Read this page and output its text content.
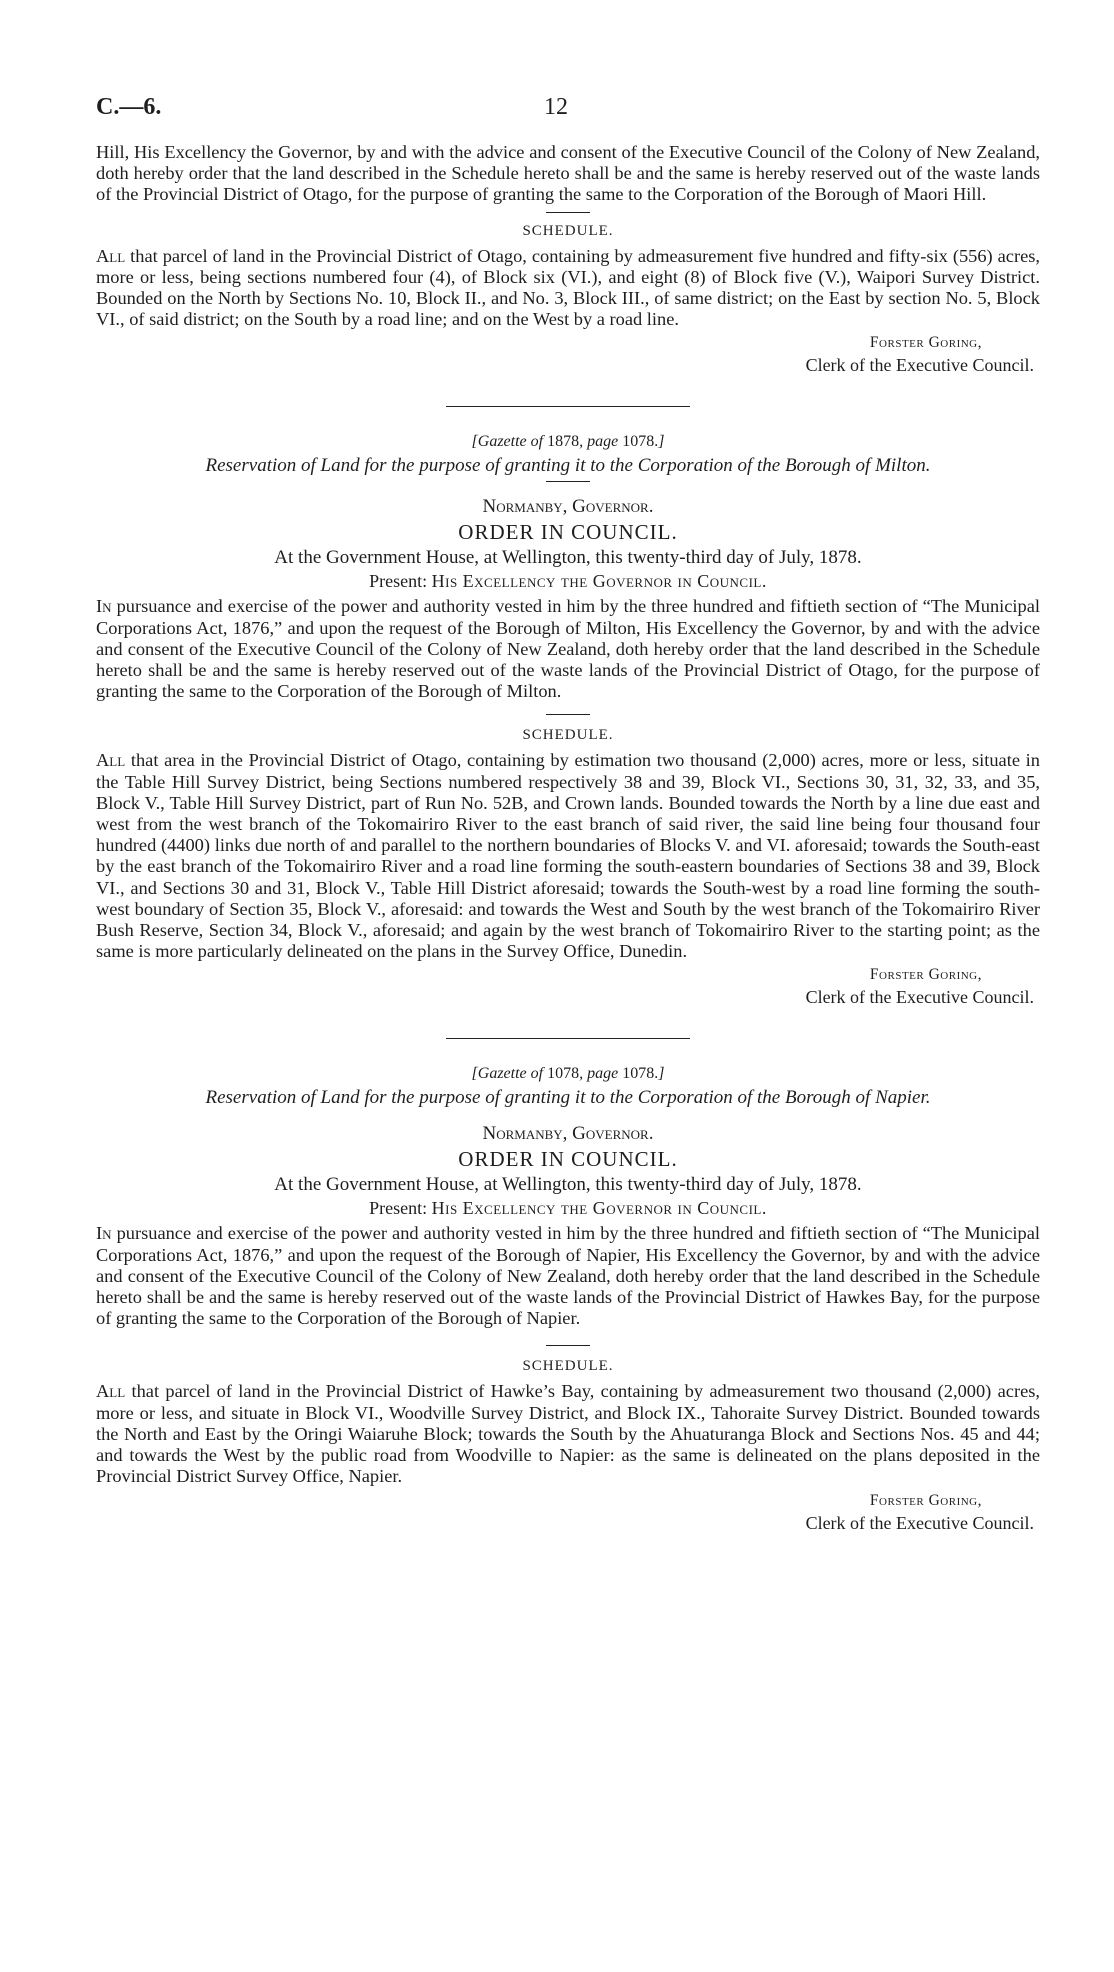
C.—6.	12

Hill, His Excellency the Governor, by and with the advice and consent of the Executive Council of the Colony of New Zealand, doth hereby order that the land described in the Schedule hereto shall be and the same is hereby reserved out of the waste lands of the Provincial District of Otago, for the purpose of granting the same to the Corporation of the Borough of Maori Hill.

SCHEDULE.

All that parcel of land in the Provincial District of Otago, containing by admeasurement five hundred and fifty-six (556) acres, more or less, being sections numbered four (4), of Block six (VI.), and eight (8) of Block five (V.), Waipori Survey District. Bounded on the North by Sections No. 10, Block II., and No. 3, Block III., of same district; on the East by section No. 5, Block VI., of said district; on the South by a road line; and on the West by a road line.

Forster Goring,
Clerk of the Executive Council.
[Gazette of 1878, page 1078.]
Reservation of Land for the purpose of granting it to the Corporation of the Borough of Milton.
Normanby, Governor.
ORDER IN COUNCIL.
At the Government House, at Wellington, this twenty-third day of July, 1878.
Present: His Excellency the Governor in Council.

In pursuance and exercise of the power and authority vested in him by the three hundred and fiftieth section of “The Municipal Corporations Act, 1876,” and upon the request of the Borough of Milton, His Excellency the Governor, by and with the advice and consent of the Executive Council of the Colony of New Zealand, doth hereby order that the land described in the Schedule hereto shall be and the same is hereby reserved out of the waste lands of the Provincial District of Otago, for the purpose of granting the same to the Corporation of the Borough of Milton.

SCHEDULE.

All that area in the Provincial District of Otago, containing by estimation two thousand (2,000) acres, more or less, situate in the Table Hill Survey District, being Sections numbered respectively 38 and 39, Block VI., Sections 30, 31, 32, 33, and 35, Block V., Table Hill Survey District, part of Run No. 52B, and Crown lands. Bounded towards the North by a line due east and west from the west branch of the Tokomairiro River to the east branch of said river, the said line being four thousand four hundred (4400) links due north of and parallel to the northern boundaries of Blocks V. and VI. aforesaid; towards the South-east by the east branch of the Tokomairiro River and a road line forming the south-eastern boundaries of Sections 38 and 39, Block VI., and Sections 30 and 31, Block V., Table Hill District aforesaid; towards the South-west by a road line forming the south-west boundary of Section 35, Block V., aforesaid: and towards the West and South by the west branch of the Tokomairiro River Bush Reserve, Section 34, Block V., aforesaid; and again by the west branch of Tokomairiro River to the starting point; as the same is more particularly delineated on the plans in the Survey Office, Dunedin.

Forster Goring,
Clerk of the Executive Council.
[Gazette of 1078, page 1078.]
Reservation of Land for the purpose of granting it to the Corporation of the Borough of Napier.
Normanby, Governor.
ORDER IN COUNCIL.
At the Government House, at Wellington, this twenty-third day of July, 1878.
Present: His Excellency the Governor in Council.

In pursuance and exercise of the power and authority vested in him by the three hundred and fiftieth section of “The Municipal Corporations Act, 1876,” and upon the request of the Borough of Napier, His Excellency the Governor, by and with the advice and consent of the Executive Council of the Colony of New Zealand, doth hereby order that the land described in the Schedule hereto shall be and the same is hereby reserved out of the waste lands of the Provincial District of Hawkes Bay, for the purpose of granting the same to the Corporation of the Borough of Napier.

SCHEDULE.

All that parcel of land in the Provincial District of Hawke’s Bay, containing by admeasurement two thousand (2,000) acres, more or less, and situate in Block VI., Woodville Survey District, and Block IX., Tahoraite Survey District. Bounded towards the North and East by the Oringi Waiaruhe Block; towards the South by the Ahuaturanga Block and Sections Nos. 45 and 44; and towards the West by the public road from Woodville to Napier: as the same is delineated on the plans deposited in the Provincial District Survey Office, Napier.

Forster Goring,
Clerk of the Executive Council.
